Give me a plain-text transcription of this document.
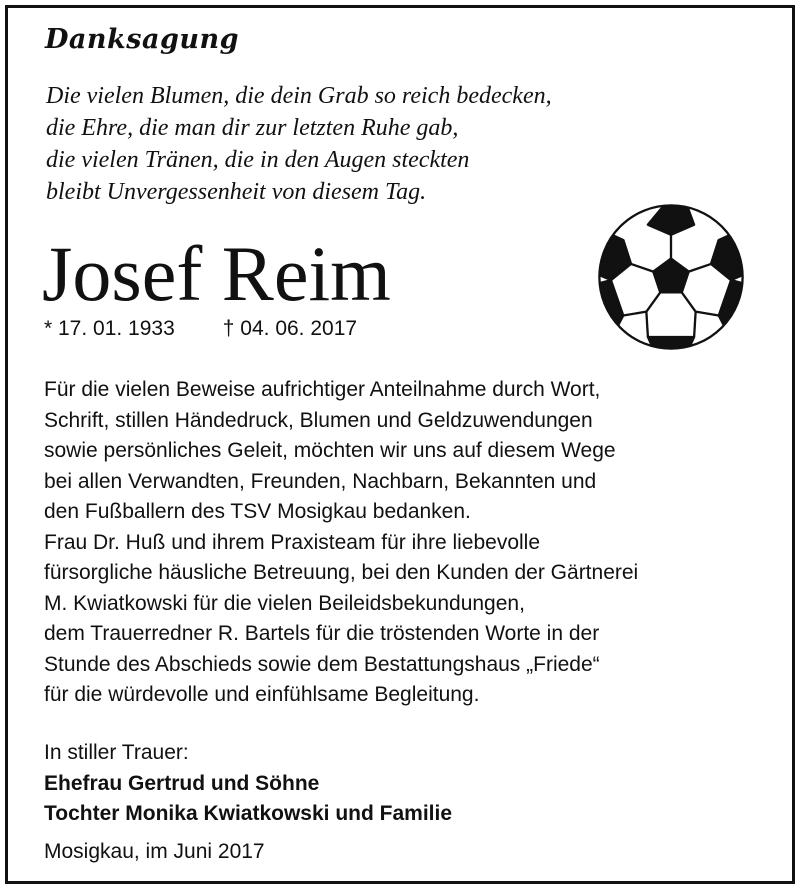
Danksagung
Die vielen Blumen, die dein Grab so reich bedecken,
die Ehre, die man dir zur letzten Ruhe gab,
die vielen Tränen, die in den Augen steckten
bleibt Unvergessenheit von diesem Tag.
Josef Reim
* 17. 01. 1933 † 04. 06. 2017
Für die vielen Beweise aufrichtiger Anteilnahme durch Wort,
Schrift, stillen Händedruck, Blumen und Geldzuwendungen
sowie persönliches Geleit, möchten wir uns auf diesem Wege
bei allen Verwandten, Freunden, Nachbarn, Bekannten und
den Fußballern des TSV Mosigkau bedanken.
Frau Dr. Huß und ihrem Praxisteam für ihre liebevolle
fürsorgliche häusliche Betreuung, bei den Kunden der Gärtnerei
M. Kwiatkowski für die vielen Beileidsbekundungen,
dem Trauerredner R. Bartels für die tröstenden Worte in der
Stunde des Abschieds sowie dem Bestattungshaus „Friede“
für die würdevolle und einfühlsame Begleitung.
In stiller Trauer:
Ehefrau Gertrud und Söhne
Tochter Monika Kwiatkowski und Familie
Mosigkau, im Juni 2017
